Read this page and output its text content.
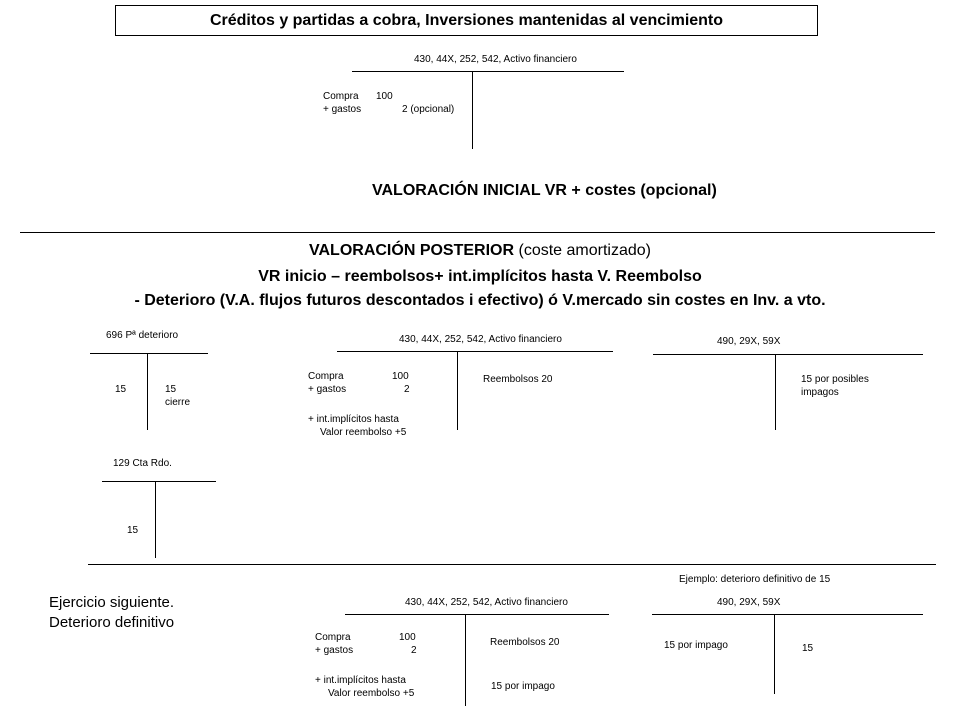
Créditos y partidas a cobra, Inversiones mantenidas al vencimiento
430, 44X, 252, 542, Activo financiero
Compra 100
+ gastos	2 (opcional)
VALORACIÓN INICIAL VR + costes (opcional)
VALORACIÓN POSTERIOR (coste amortizado)
VR inicio – reembolsos+ int.implícitos hasta V. Reembolso
- Deterioro (V.A. flujos futuros descontados i efectivo) ó V.mercado sin costes en Inv. a vto.
696 Pª deterioro
15	15
cierre
430, 44X, 252, 542, Activo financiero
Compra	100
+ gastos	2
+ int.implícitos hasta
Valor reembolso +5
Reembolsos 20
490, 29X, 59X
15 por posibles
impagos
129 Cta Rdo.
15
Ejemplo: deterioro definitivo de 15
Ejercicio siguiente.
Deterioro definitivo
430, 44X, 252, 542, Activo financiero
Compra	100
+ gastos	2
+ int.implícitos hasta
Valor reembolso +5
Reembolsos 20
15 por impago
490, 29X, 59X
15 por impago	15
